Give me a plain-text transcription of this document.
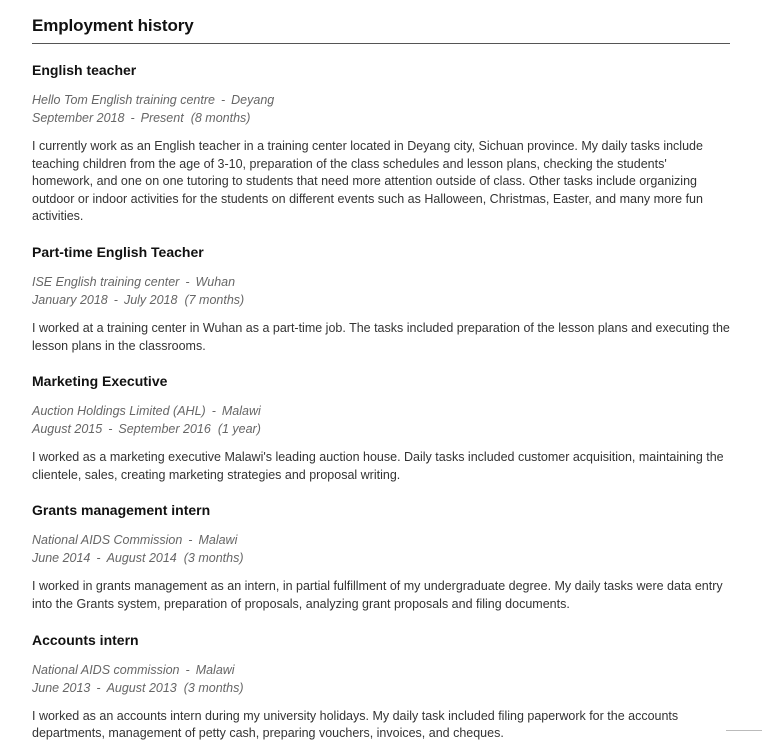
Employment history
English teacher
Hello Tom English training centre - Deyang
September 2018 - Present (8 months)
I currently work as an English teacher in a training center located in Deyang city, Sichuan province. My daily tasks include teaching children from the age of 3-10, preparation of the class schedules and lesson plans, checking the students' homework, and one on one tutoring to students that need more attention outside of class. Other tasks include organizing outdoor or indoor activities for the students on different events such as Halloween, Christmas, Easter, and many more fun activities.
Part-time English Teacher
ISE English training center - Wuhan
January 2018 - July 2018 (7 months)
I worked at a training center in Wuhan as a part-time job. The tasks included preparation of the lesson plans and executing the lesson plans in the classrooms.
Marketing Executive
Auction Holdings Limited (AHL) - Malawi
August 2015 - September 2016 (1 year)
I worked as a marketing executive Malawi's leading auction house. Daily tasks included customer acquisition, maintaining the clientele, sales, creating marketing strategies and proposal writing.
Grants management intern
National AIDS Commission - Malawi
June 2014 - August 2014 (3 months)
I worked in grants management as an intern, in partial fulfillment of my undergraduate degree. My daily tasks were data entry into the Grants system, preparation of proposals, analyzing grant proposals and filing documents.
Accounts intern
National AIDS commission - Malawi
June 2013 - August 2013 (3 months)
I worked as an accounts intern during my university holidays. My daily task included filing paperwork for the accounts departments, management of petty cash, preparing vouchers, invoices, and cheques.
